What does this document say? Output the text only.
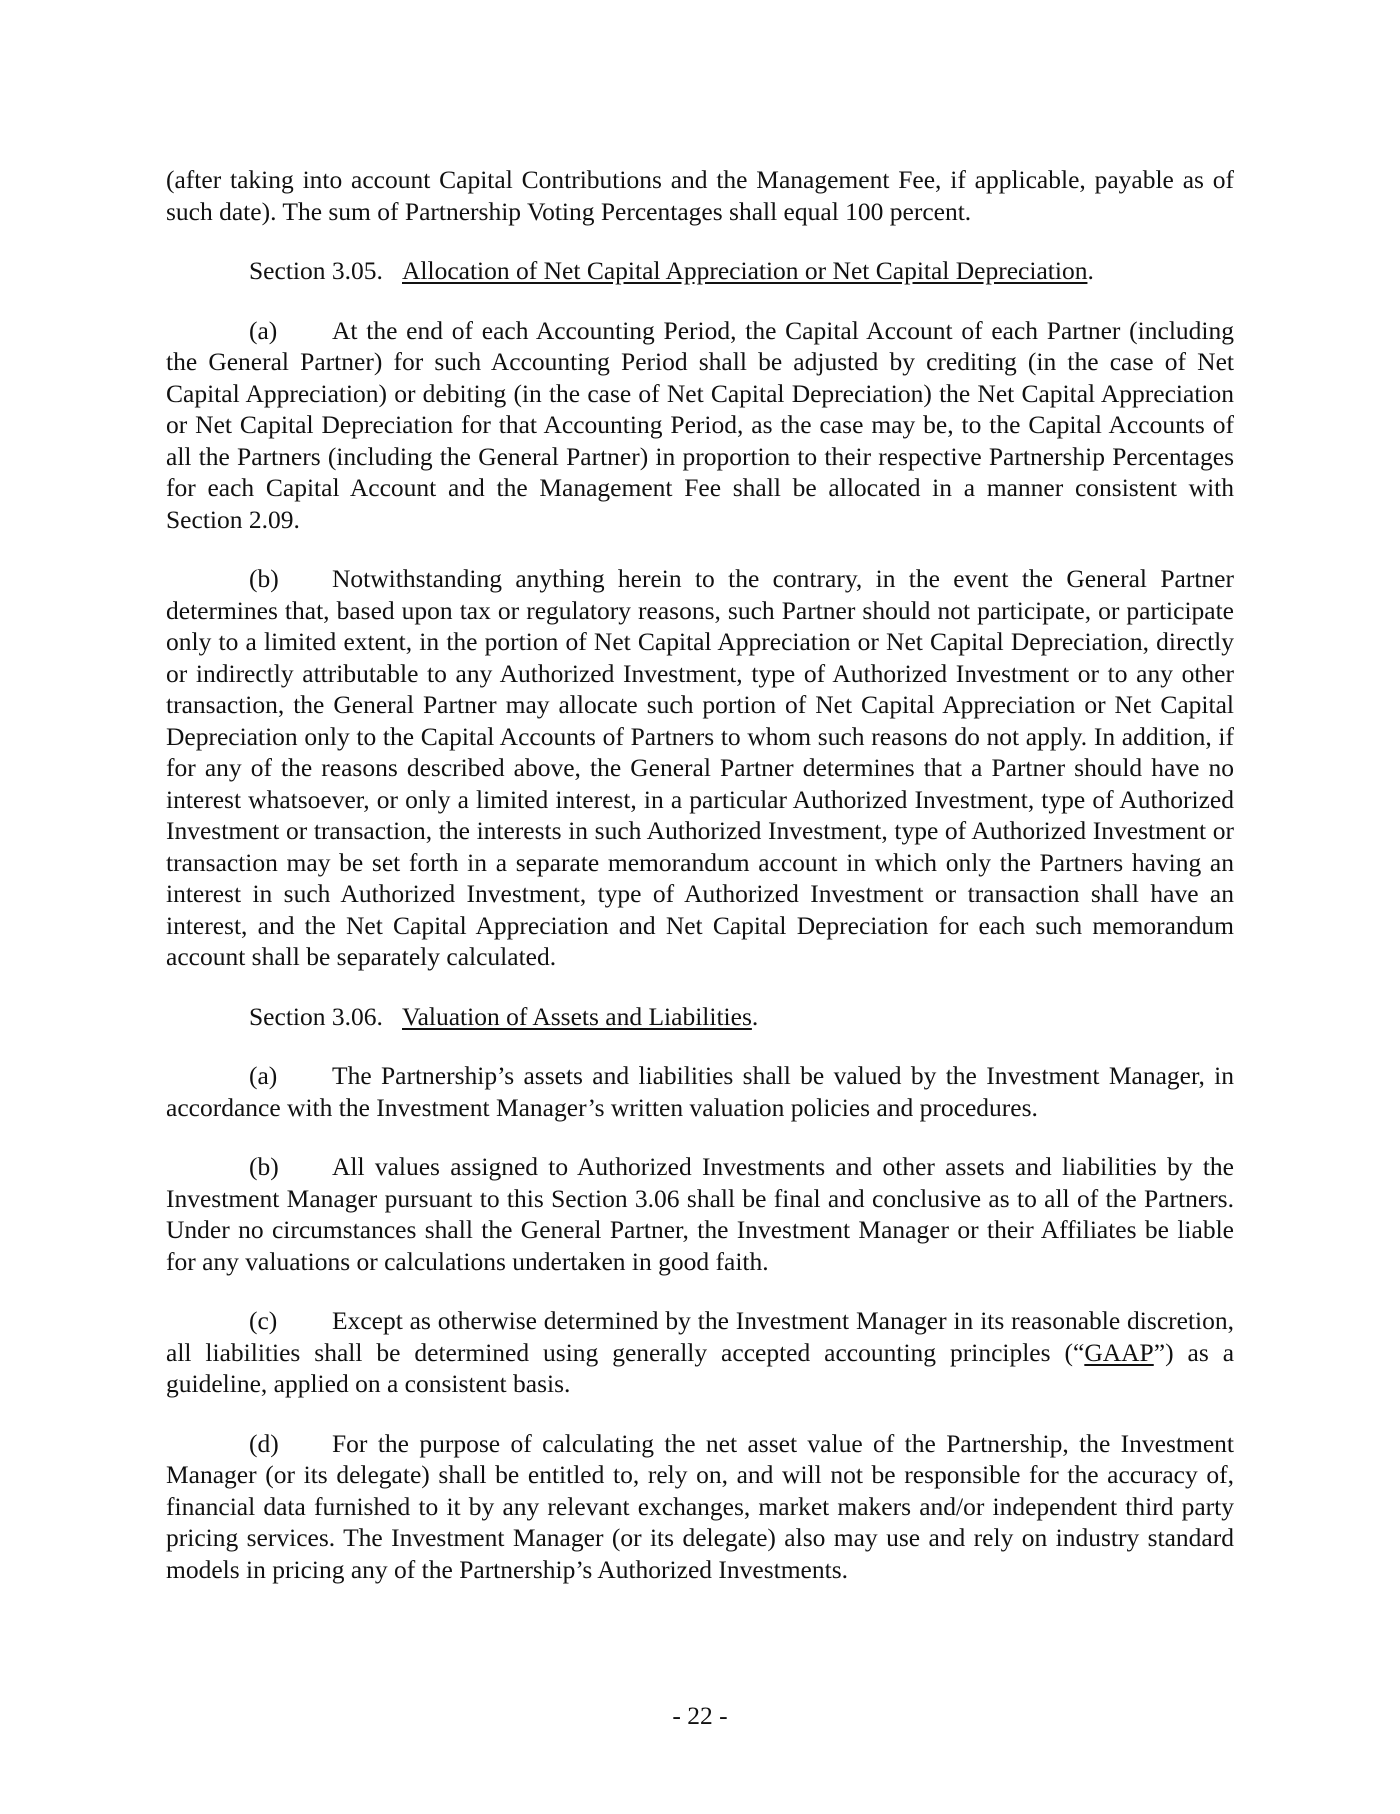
(after taking into account Capital Contributions and the Management Fee, if applicable, payable as of such date). The sum of Partnership Voting Percentages shall equal 100 percent.

Section 3.05. Allocation of Net Capital Appreciation or Net Capital Depreciation.

(a) At the end of each Accounting Period, the Capital Account of each Partner (including the General Partner) for such Accounting Period shall be adjusted by crediting (in the case of Net Capital Appreciation) or debiting (in the case of Net Capital Depreciation) the Net Capital Appreciation or Net Capital Depreciation for that Accounting Period, as the case may be, to the Capital Accounts of all the Partners (including the General Partner) in proportion to their respective Partnership Percentages for each Capital Account and the Management Fee shall be allocated in a manner consistent with Section 2.09.

(b) Notwithstanding anything herein to the contrary, in the event the General Partner determines that, based upon tax or regulatory reasons, such Partner should not participate, or participate only to a limited extent, in the portion of Net Capital Appreciation or Net Capital Depreciation, directly or indirectly attributable to any Authorized Investment, type of Authorized Investment or to any other transaction, the General Partner may allocate such portion of Net Capital Appreciation or Net Capital Depreciation only to the Capital Accounts of Partners to whom such reasons do not apply. In addition, if for any of the reasons described above, the General Partner determines that a Partner should have no interest whatsoever, or only a limited interest, in a particular Authorized Investment, type of Authorized Investment or transaction, the interests in such Authorized Investment, type of Authorized Investment or transaction may be set forth in a separate memorandum account in which only the Partners having an interest in such Authorized Investment, type of Authorized Investment or transaction shall have an interest, and the Net Capital Appreciation and Net Capital Depreciation for each such memorandum account shall be separately calculated.

Section 3.06. Valuation of Assets and Liabilities.

(a) The Partnership’s assets and liabilities shall be valued by the Investment Manager, in accordance with the Investment Manager’s written valuation policies and procedures.

(b) All values assigned to Authorized Investments and other assets and liabilities by the Investment Manager pursuant to this Section 3.06 shall be final and conclusive as to all of the Partners. Under no circumstances shall the General Partner, the Investment Manager or their Affiliates be liable for any valuations or calculations undertaken in good faith.

(c) Except as otherwise determined by the Investment Manager in its reasonable discretion, all liabilities shall be determined using generally accepted accounting principles (“GAAP”) as a guideline, applied on a consistent basis.

(d) For the purpose of calculating the net asset value of the Partnership, the Investment Manager (or its delegate) shall be entitled to, rely on, and will not be responsible for the accuracy of, financial data furnished to it by any relevant exchanges, market makers and/or independent third party pricing services. The Investment Manager (or its delegate) also may use and rely on industry standard models in pricing any of the Partnership’s Authorized Investments.

- 22 -
